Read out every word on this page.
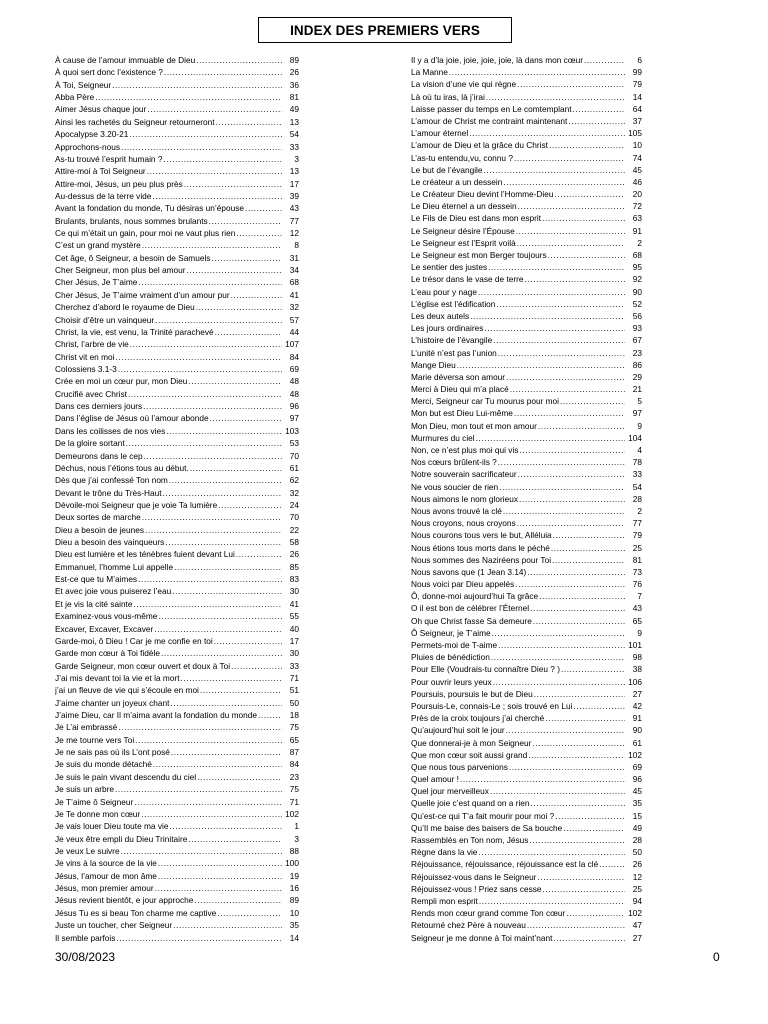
INDEX DES PREMIERS VERS
À cause de l’amour immuable de Dieu .....	89
À quoi sert donc l’existence ? .....	26
À Toi, Seigneur .....	36
Abba Père .....	81
Aimer Jésus chaque jour .....	49
Ainsi les rachetés du Seigneur retourneront .....	13
Apocalypse 3.20-21 .....	54
Approchons-nous .....	33
As-tu trouvé l’esprit humain ? .....	3
Attire-moi à Toi Seigneur .....	13
Attire-moi, Jésus, un peu plus près .....	17
Au-dessus de la terre vide .....	39
Avant la fondation du monde, Tu désiras un’épouse .....	43
Brulants, brulants, nous sommes brulants .....	77
Ce qui m’était un gain, pour moi ne vaut plus rien .....	12
C’est un grand mystère .....	8
Cet âge, ô Seigneur, a besoin de Samuels .....	31
Cher Seigneur, mon plus bel amour .....	34
Cher Jésus, Je T’aime .....	68
Cher Jésus, Je T’aime vraiment d’un amour pur .....	41
Cherchez d’abord le royaume de Dieu .....	32
Choisir d’être un vainqueur .....	57
Christ, la vie, est venu, la Trinité parachevé .....	44
Christ, l’arbre de vie .....	107
Christ vit en moi .....	84
Colossiens 3.1-3 .....	69
Crée en moi un cœur pur, mon Dieu .....	48
Crucifié avec Christ .....	48
Dans ces derniers jours .....	96
Dans l’église de Jésus où l’amour abonde .....	97
Dans les coilisses de nos vies .....	103
De la gloire sortant .....	53
Demeurons dans le cep .....	70
Déchus, nous l’étions tous au début. .....	61
Dès que j’ai confessé Ton nom .....	62
Devant le trône du Très-Haut .....	32
Dévoile-moi Seigneur que je voie Ta lumière .....	24
Deux sortes de marche .....	70
Dieu a besoin de jeunes .....	22
Dieu a besoin des vainqueurs .....	58
Dieu est lumière et les ténèbres fuient devant Lui .....	26
Emmanuel, l’homme Lui appelle .....	85
Est-ce que tu M’aimes .....	83
Et avec joie vous puiserez l’eau .....	30
Et je vis la cité sainte .....	41
Examinez-vous vous-même .....	55
Excaver, Excaver, Excaver .....	40
Garde-moi, ô Dieu ! Car je me confie en toi .....	17
Garde mon cœur à Toi fidèle .....	30
Garde Seigneur, mon cœur ouvert et doux à Toi .....	33
J’ai mis devant toi la vie et la mort .....	71
j’ai un fleuve de vie qui s’écoule en moi .....	51
J’aime chanter un joyeux chant .....	50
J’aime Dieu, car Il m’aima avant la fondation du monde .....	18
Je L’ai embrassé .....	75
Je me tourne vers Toi .....	65
Je ne sais pas où ils L’ont posé .....	87
Je suis du monde détaché .....	84
Je suis le pain vivant descendu du ciel .....	23
Je suis un arbre .....	75
Je T’aime ô Seigneur .....	71
Je Te donne mon cœur .....	102
Je vais louer Dieu toute ma vie .....	1
Je veux être empli du Dieu Trinitaire .....	3
Je veux Le suivre .....	88
Je vins à la source de la vie .....	100
Jésus, l’amour de mon âme .....	19
Jésus, mon premier amour .....	16
Jésus revient bientôt, e jour approche .....	89
Jésus Tu es si beau Ton charme me captive .....	10
Juste un toucher, cher Seigneur .....	35
Il semble parfois .....	14
Il y a d’la joie, joie, joie, joie, là dans mon cœur .....	6
La Manne .....	99
La vision d’une vie qui règne .....	79
Là où tu iras, là j’irai .....	14
Laisse passer du temps en Le comtemplant .....	64
L’amour de Christ me contraint maintenant .....	37
L’amour éternel .....	105
L’amour de Dieu et la grâce du Christ .....	10
L’as-tu entendu,vu, connu ? .....	74
Le but de l’évangile .....	45
Le créateur a un dessein .....	46
Le Créateur Dieu devint l’Homme-Dieu .....	20
Le Dieu éternel a un dessein .....	72
Le Fils de Dieu est dans mon esprit .....	63
Le Seigneur désire l’Épouse .....	91
Le Seigneur est l’Esprit voilà .....	2
Le Seigneur est mon Berger toujours .....	68
Le sentier des justes .....	95
Le trésor dans le vase de terre .....	92
L’eau pour y nage .....	90
L’église est l’édification .....	52
Les deux autels .....	56
Les jours ordinaires .....	93
L’histoire de l’évangile .....	67
L’unité n’est pas l’union .....	23
Mange Dieu .....	86
Marie déversa son amour .....	29
Merci à Dieu qui m’a placé .....	21
Merci, Seigneur car Tu mourus pour moi .....	5
Mon but est Dieu Lui-même .....	97
Mon Dieu, mon tout et mon amour .....	9
Murmures du ciel .....	104
Non, ce n’est plus moi qui vis .....	4
Nos cœurs brûlent-ils ? .....	78
Notre souverain sacrificateur .....	33
Ne vous soucier de rien .....	54
Nous aimons le nom glorieux .....	28
Nous avons trouvé la clé .....	2
Nous croyons, nous croyons .....	77
Nous courons tous vers le but, Alléluia .....	79
Nous étions tous morts dans le péché .....	25
Nous sommes des Naziréens pour Toi .....	81
Nous savons que (1 Jean 3.14) .....	73
Nous voici par Dieu appelés .....	76
Ô, donne-moi aujourd’hui Ta grâce .....	7
O il est bon de célébrer l’Éternel .....	43
Oh que Christ fasse Sa demeure .....	65
Ô Seigneur, je T’aime .....	9
Permets-moi de T-aime .....	101
Pluies de bénédiction .....	98
Pour Elle (Voudrais-tu connaître Dieu ? ) .....	38
Pour ouvrir leurs yeux .....	106
Poursuis, poursuis le but de Dieu .....	27
Poursuis-Le, connais-Le ; sois trouvé en Lui .....	42
Près de la croix toujours j’ai cherché .....	91
Qu’aujourd’hui soit le jour .....	90
Que donnerai-je à mon Seigneur .....	61
Que mon cœur soit aussi grand .....	102
Que nous tous parvenions .....	69
Quel amour ! .....	96
Quel jour merveilleux .....	45
Quelle joie c’est quand on a rien .....	35
Qu’est-ce qui T’a fait mourir pour moi ? .....	15
Qu’Il me baise des baisers de Sa bouche .....	49
Rassemblés en Ton nom, Jésus .....	28
Règne dans la vie .....	50
Réjouissance, réjouissance, réjouissance est la clé .....	26
Réjouissez-vous dans le Seigneur .....	12
Réjouissez-vous ! Priez sans cesse .....	25
Rempli mon esprit .....	94
Rends mon cœur grand comme Ton cœur .....	102
Retourné chez Père à nouveau .....	47
Seigneur je me donne à Toi maint’nant .....	27
30/08/2023	0
